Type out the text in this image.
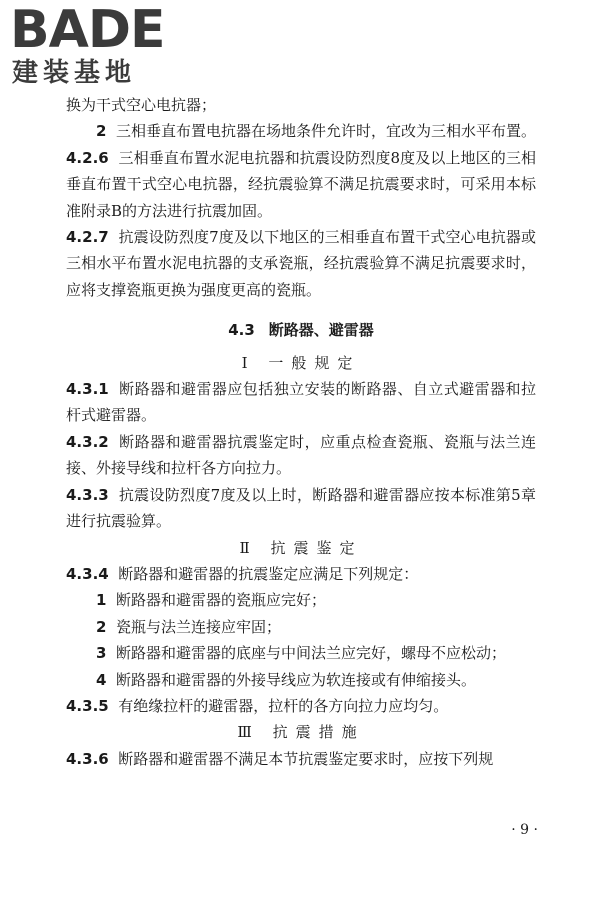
BADE
建装基地

换为干式空心电抗器；

2 三相垂直布置电抗器在场地条件允许时，宜改为三相水平布置。

4.2.6 三相垂直布置水泥电抗器和抗震设防烈度8度及以上地区的三相垂直布置干式空心电抗器，经抗震验算不满足抗震要求时，可采用本标准附录B的方法进行抗震加固。

4.2.7 抗震设防烈度7度及以下地区的三相垂直布置干式空心电抗器或三相水平布置水泥电抗器的支承瓷瓶，经抗震验算不满足抗震要求时，应将支撑瓷瓶更换为强度更高的瓷瓶。

4.3 断路器、避雷器

Ⅰ 一般规定

4.3.1 断路器和避雷器应包括独立安装的断路器、自立式避雷器和拉杆式避雷器。

4.3.2 断路器和避雷器抗震鉴定时，应重点检查瓷瓶、瓷瓶与法兰连接、外接导线和拉杆各方向拉力。

4.3.3 抗震设防烈度7度及以上时，断路器和避雷器应按本标准第5章进行抗震验算。

Ⅱ 抗震鉴定

4.3.4 断路器和避雷器的抗震鉴定应满足下列规定：

1 断路器和避雷器的瓷瓶应完好；

2 瓷瓶与法兰连接应牢固；

3 断路器和避雷器的底座与中间法兰应完好，螺母不应松动；

4 断路器和避雷器的外接导线应为软连接或有伸缩接头。

4.3.5 有绝缘拉杆的避雷器，拉杆的各方向拉力应均匀。

Ⅲ 抗震措施

4.3.6 断路器和避雷器不满足本节抗震鉴定要求时，应按下列规

· 9 ·
